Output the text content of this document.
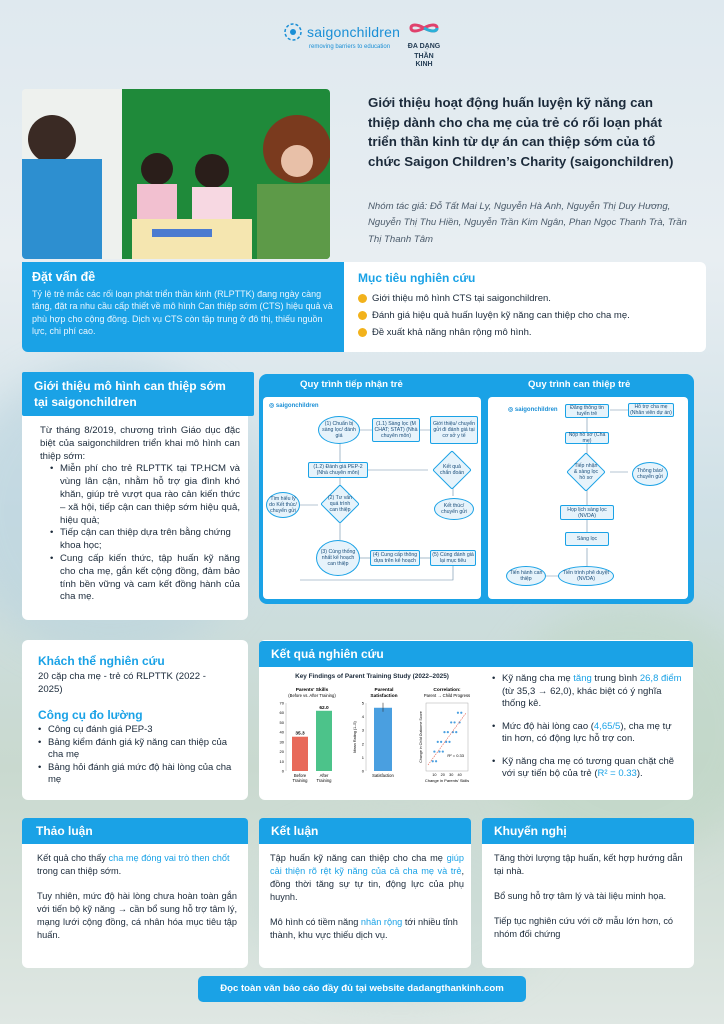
saigonchildren
removing barriers to education	ĐA DẠNG
THẦN KINH
Giới thiệu hoạt động huấn luyện kỹ năng can thiệp dành cho cha mẹ của trẻ có rối loạn phát triển thần kinh từ dự án can thiệp sớm của tổ chức Saigon Children’s Charity (saigonchildren)
Nhóm tác giả: Đỗ Tất Mai Ly, Nguyễn Hà Anh, Nguyễn Thị Duy Hương, Nguyễn Thị Thu Hiền, Nguyễn Trần Kim Ngân, Phan Ngọc Thanh Trà, Trần Thị Thanh Tâm
Đặt vấn đề
Tỷ lệ trẻ mắc các rối loạn phát triển thần kinh (RLPTTK) đang ngày càng tăng, đặt ra nhu cầu cấp thiết về mô hình Can thiệp sớm (CTS) hiệu quả và phù hợp cho cộng đồng. Dịch vụ CTS còn tập trung ở đô thị, thiếu nguồn lực, chi phí cao.
Mục tiêu nghiên cứu
Giới thiệu mô hình CTS tại saigonchildren.
Đánh giá hiệu quả huấn luyện kỹ năng can thiệp cho cha mẹ.
Đề xuất khả năng nhân rộng mô hình.
Giới thiệu mô hình can thiệp sớm tại saigonchildren
Từ tháng 8/2019, chương trình Giáo dục đặc biệt của saigonchildren triển khai mô hình can thiệp sớm:
• Miễn phí cho trẻ RLPTTK tại TP.HCM và vùng lân cận, nhằm hỗ trợ gia đình khó khăn, giúp trẻ vượt qua rào cản kiến thức – xã hội, tiếp cận can thiệp sớm hiệu quả, hiệu quả;
• Tiếp cận can thiệp dựa trên bằng chứng khoa học;
• Cung cấp kiến thức, tập huấn kỹ năng cho cha mẹ, gắn kết cộng đồng, đảm bảo tính bền vững và cam kết đồng hành của cha mẹ.
Quy trình tiếp nhận trẻ	Quy trình can thiệp trẻ
◎ saigonchildren
(1) Chuẩn bị sàng lọc/ đánh giá
(1.1) Sàng lọc (M CHAT; STAT) (Nhà chuyên môn)
Giới thiệu/ chuyển gửi đi đánh giá tại cơ sở y tế
(1.2) Đánh giá PEP-2 (Nhà chuyên môn)
Kết quả chẩn đoán
(2) Tư vấn quá trình can thiệp
Tìm hiểu lý do Kết thúc/ chuyển gửi
Kết thúc/ chuyển gửi
(3) Cùng thống nhất kế hoạch can thiệp
(4) Cung cấp thông dựa trên kế hoạch
(5) Cùng đánh giá lại mục tiêu
◎ saigonchildren	Đăng thông tin tuyển trẻ
Hỗ trợ cha mẹ (Nhân viên dự án)
Nộp hồ sơ (Cha mẹ)
Tiếp nhận & sàng lọc hồ sơ
Thông báo/ chuyển gửi
Họp lịch sàng lọc (NVDA)
Sàng lọc
Tiến trình phê duyệt (NVDA)
Tiến hành can thiệp
Khách thể nghiên cứu
20 cặp cha mẹ - trẻ có RLPTTK (2022 - 2025)
Công cụ đo lường
• Công cụ đánh giá PEP-3
• Bảng kiểm đánh giá kỹ năng can thiệp của cha mẹ
• Bảng hỏi đánh giá mức độ hài lòng của cha mẹ
Kết quả nghiên cứu
Key Findings of Parent Training Study (2022–2025)
Parents' Skills
(Before vs. After Training)
0
10
20
30
40
50
60
70
35.3
Before
Training
62.0
After
Training
Parental
Satisfaction
0
1
2
3
4
5
Mean Rating (1–5)
Satisfaction
Correlation:
Parent → Child Progress
R² = 0.33
10 20 30 40
Change in Parents' Skills
Change in Child Outcome Score
• Kỹ năng cha mẹ tăng trung bình 26,8 điểm (từ 35,3 → 62,0), khác biệt có ý nghĩa thống kê.
• Mức độ hài lòng cao (4,65/5), cha mẹ tự tin hơn, có động lực hỗ trợ con.
• Kỹ năng cha mẹ có tương quan chặt chẽ với sự tiến bộ của trẻ (R² = 0.33).
Thảo luận

Kết quả cho thấy cha mẹ đóng vai trò then chốt trong can thiệp sớm.

Tuy nhiên, mức độ hài lòng chưa hoàn toàn gắn với tiến bộ kỹ năng → cần bổ sung hỗ trợ tâm lý, mạng lưới cộng đồng, cá nhân hóa mục tiêu tập huấn.

Kết luận

Tập huấn kỹ năng can thiệp cho cha mẹ giúp cải thiện rõ rệt kỹ năng của cả cha mẹ và trẻ, đồng thời tăng sự tự tin, động lực của phụ huynh.

Mô hình có tiềm năng nhân rộng tới nhiều tỉnh thành, khu vực thiếu dịch vụ.

Khuyến nghị

Tăng thời lượng tập huấn, kết hợp hướng dẫn tại nhà.

Bổ sung hỗ trợ tâm lý và tài liệu minh họa.

Tiếp tục nghiên cứu với cỡ mẫu lớn hơn, có nhóm đối chứng

Đọc toàn văn báo cáo đầy đủ tại website dadangthankinh.com
